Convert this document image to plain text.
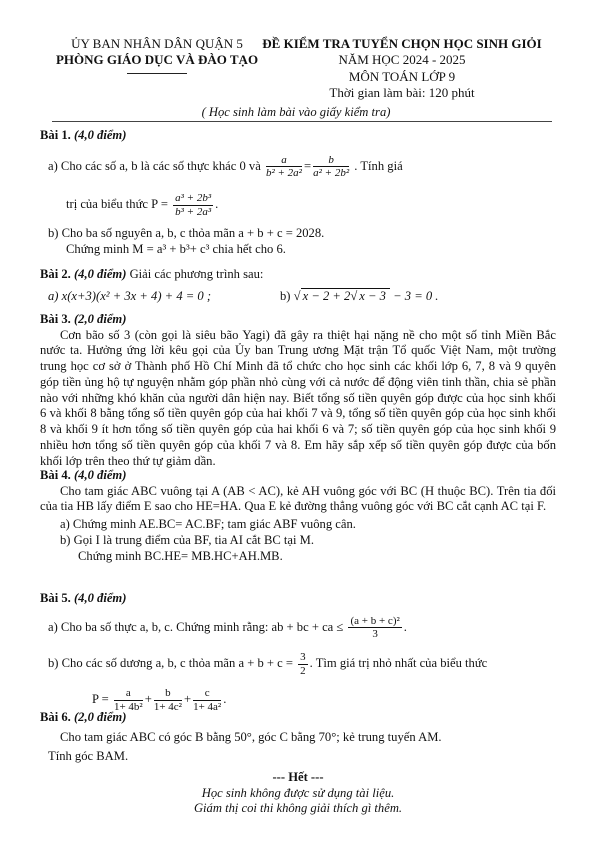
ỦY BAN NHÂN DÂN QUẬN 5
PHÒNG GIÁO DỤC VÀ ĐÀO TẠO
ĐỀ KIỂM TRA TUYỂN CHỌN HỌC SINH GIỎI
NĂM HỌC 2024 - 2025
MÔN TOÁN LỚP 9
Thời gian làm bài: 120 phút
( Học sinh làm bài vào giấy kiểm tra)
Bài 1. (4,0 điểm)
a) Cho các số a, b là các số thực khác 0 và $\frac{a}{\text{b² + 2a²}} = \frac{b}{\text{a² + 2b²}}$ . Tính giá
trị của biểu thức $P = \frac{\text{a³ + 2b³}}{\text{b³ + 2a³}}$ .
b) Cho ba số nguyên a, b, c thỏa mãn a + b + c = 2028.
Chứng minh M = a³ + b³+ c³ chia hết cho 6.
Bài 2. (4,0 điểm) Giải các phương trình sau:
a) x(x+3)(x² + 3x + 4) + 4 = 0 ;	b) √ x − 2 + 2√ x − 3 − 3 = 0 .
Bài 3. (2,0 điểm)
Cơn bão số 3 (còn gọi là siêu bão Yagi) đã gây ra thiệt hại nặng nề cho một số tỉnh Miền Bắc nước ta. Hưởng ứng lời kêu gọi của Ủy ban Trung ương Mặt trận Tổ quốc Việt Nam, một trường trung học cơ sở ở Thành phố Hồ Chí Minh đã tổ chức cho học sinh các khối lớp 6, 7, 8 và 9 quyên góp tiền ủng hộ tự nguyện nhằm góp phần nhỏ cùng với cả nước để động viên tinh thần, chia sẻ phần nào với những khó khăn của người dân hiện nay. Biết tổng số tiền quyên góp được của học sinh khối 6 và khối 8 bằng tổng số tiền quyên góp của hai khối 7 và 9, tổng số tiền quyên góp của học sinh khối 8 và khối 9 ít hơn tổng số tiền quyên góp của hai khối 6 và 7; số tiền quyên góp của học sinh khối 9 nhiều hơn tổng số tiền quyên góp của khối 7 và 8. Em hãy sắp xếp số tiền quyên góp được của bốn khối lớp trên theo thứ tự giảm dần.
Bài 4. (4,0 điểm)
Cho tam giác ABC vuông tại A (AB < AC), kẻ AH vuông góc với BC (H thuộc BC). Trên tia đối của tia HB lấy điểm E sao cho HE=HA. Qua E kẻ đường thẳng vuông góc với BC cắt cạnh AC tại F.
a) Chứng minh AE.BC= AC.BF; tam giác ABF vuông cân.
b) Gọi I là trung điểm của BF, tia AI cắt BC tại M.
Chứng minh BC.HE= MB.HC+AH.MB.
Bài 5. (4,0 điểm)
a) Cho ba số thực a, b, c. Chứng minh rằng: ab + bc + ca ≤ $\frac{\text{(a + b + c)²}}{3}$ .
b) Cho các số dương a, b, c thỏa mãn $a + b + c = \frac{3}{2}$ . Tìm giá trị nhỏ nhất của biểu thức
$P = \frac{a}{\text{1+ 4b²}} + \frac{b}{\text{1+ 4c²}} + \frac{c}{\text{1+ 4a²}}$ .
Bài 6. (2,0 điểm)
Cho tam giác ABC có góc B bằng 50°, góc C bằng 70°; kẻ trung tuyến AM.
Tính góc BAM.
--- Hết ---
Học sinh không được sử dụng tài liệu.
Giám thị coi thi không giải thích gì thêm.
